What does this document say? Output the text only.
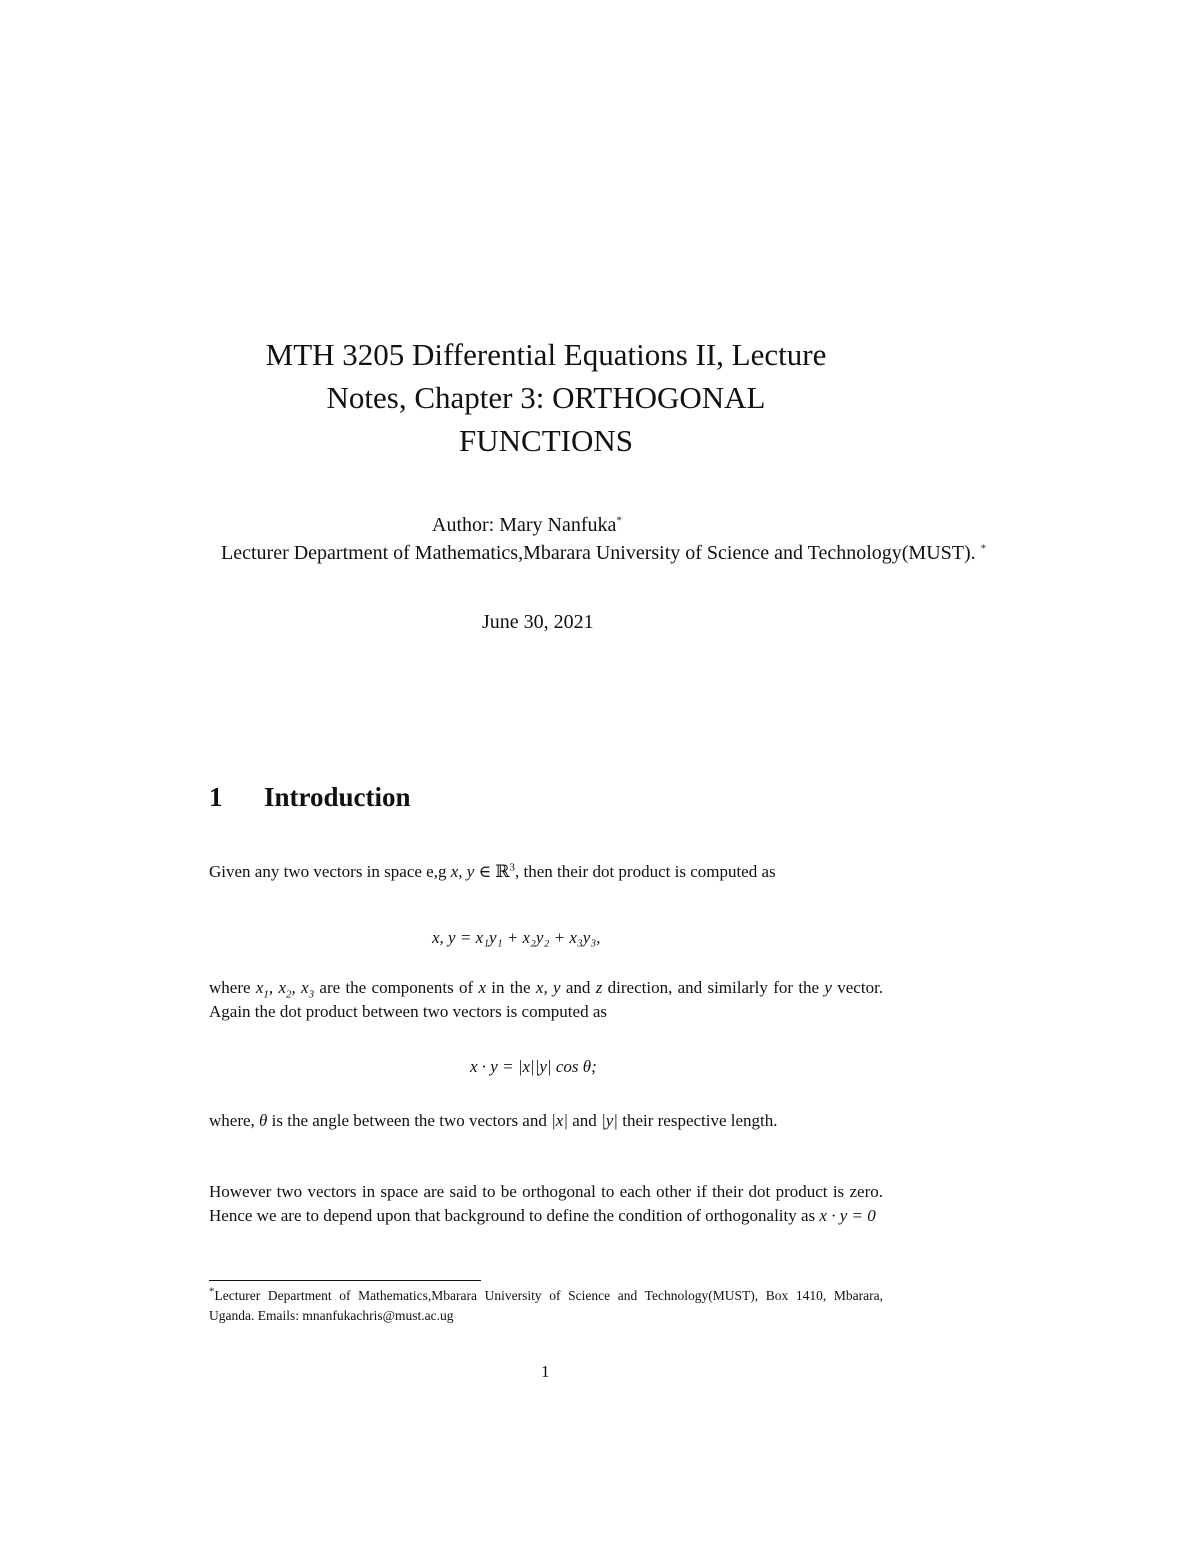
MTH 3205 Differential Equations II, Lecture
Notes, Chapter 3: ORTHOGONAL
FUNCTIONS
Author: Mary Nanfuka*
Lecturer Department of Mathematics,Mbarara University of Science and Technology(MUST). *
June 30, 2021
1 Introduction
Given any two vectors in space e,g x, y ∈ ℝ$^3$, then their dot product is computed as
x, y = x₁y₁ + x₂y₂ + x₃y₃,
where $x_1$, $x_2$, $x_3$ are the components of x in the x, y and z direction, and similarly for the y vector. Again the dot product between two vectors is computed as
x · y = |x||y| cos θ;
where, θ is the angle between the two vectors and |x| and |y| their respective length.
However two vectors in space are said to be orthogonal to each other if their dot product is zero. Hence we are to depend upon that background to define the condition of orthogonality as x · y = 0
*Lecturer Department of Mathematics,Mbarara University of Science and Technology(MUST), Box 1410, Mbarara, Uganda. Emails: mnanfukachris@must.ac.ug
1
